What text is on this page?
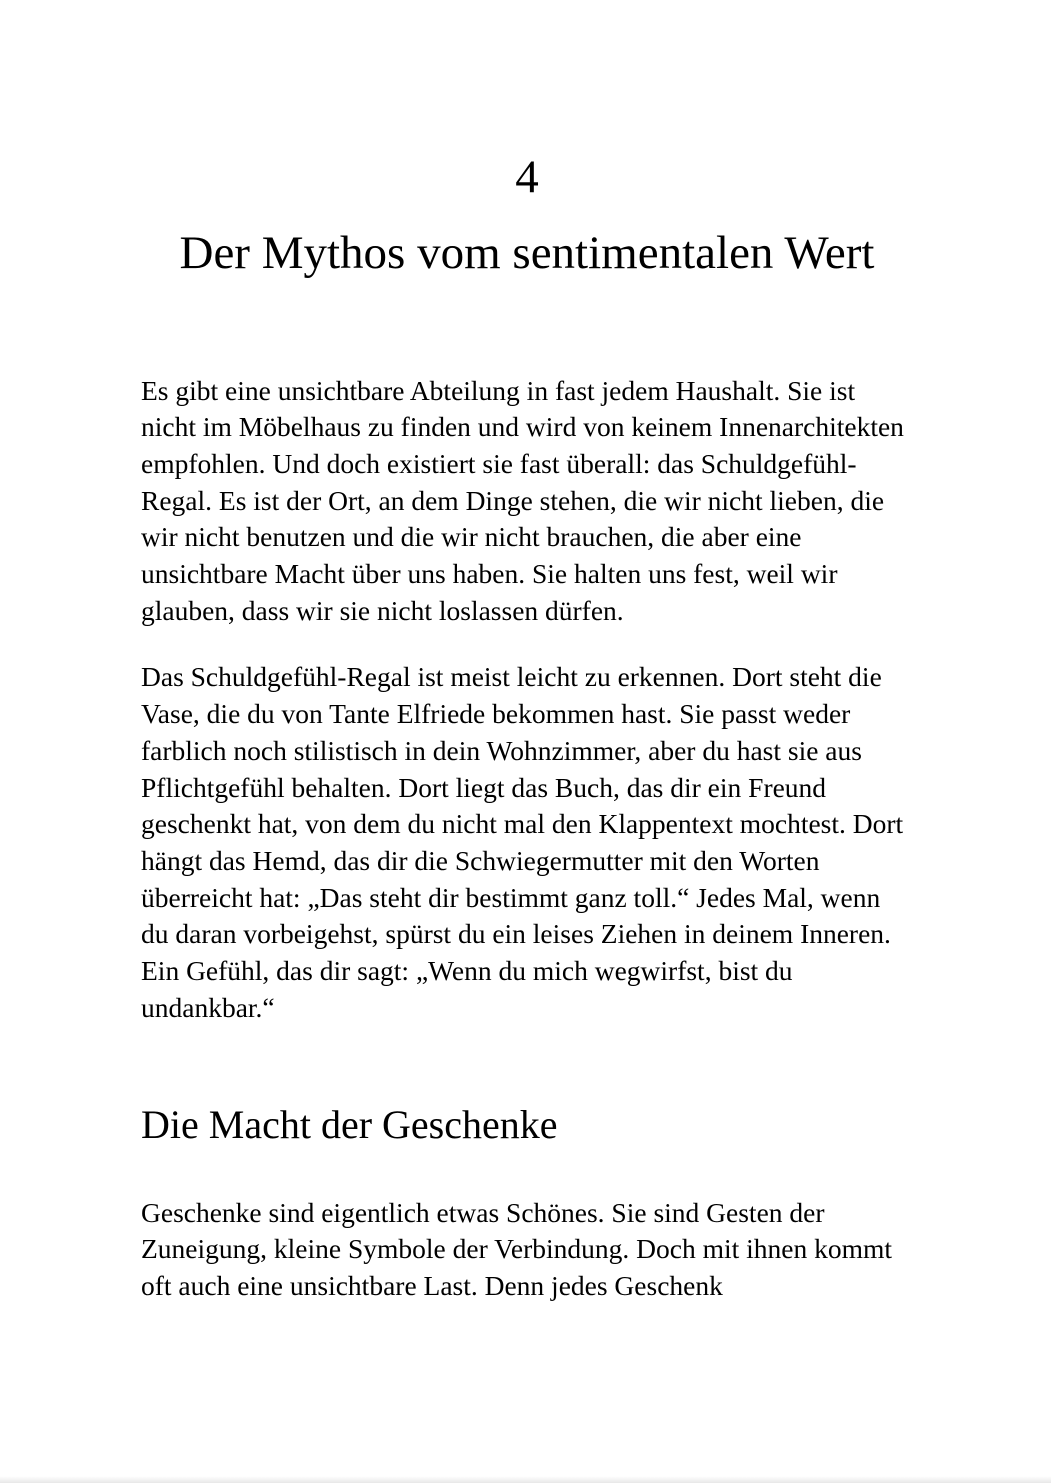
4
Der Mythos vom sentimentalen Wert

Es gibt eine unsichtbare Abteilung in fast jedem Haushalt. Sie ist nicht im Möbelhaus zu finden und wird von keinem Innenarchitekten empfohlen. Und doch existiert sie fast überall: das Schuldgefühl-Regal. Es ist der Ort, an dem Dinge stehen, die wir nicht lieben, die wir nicht benutzen und die wir nicht brauchen, die aber eine unsichtbare Macht über uns haben. Sie halten uns fest, weil wir glauben, dass wir sie nicht loslassen dürfen.

Das Schuldgefühl-Regal ist meist leicht zu erkennen. Dort steht die Vase, die du von Tante Elfriede bekommen hast. Sie passt weder farblich noch stilistisch in dein Wohnzimmer, aber du hast sie aus Pflichtgefühl behalten. Dort liegt das Buch, das dir ein Freund geschenkt hat, von dem du nicht mal den Klappentext mochtest. Dort hängt das Hemd, das dir die Schwiegermutter mit den Worten überreicht hat: „Das steht dir bestimmt ganz toll.“ Jedes Mal, wenn du daran vorbeigehst, spürst du ein leises Ziehen in deinem Inneren. Ein Gefühl, das dir sagt: „Wenn du mich wegwirfst, bist du undankbar.“

Die Macht der Geschenke

Geschenke sind eigentlich etwas Schönes. Sie sind Gesten der Zuneigung, kleine Symbole der Verbindung. Doch mit ihnen kommt oft auch eine unsichtbare Last. Denn jedes Geschenk
